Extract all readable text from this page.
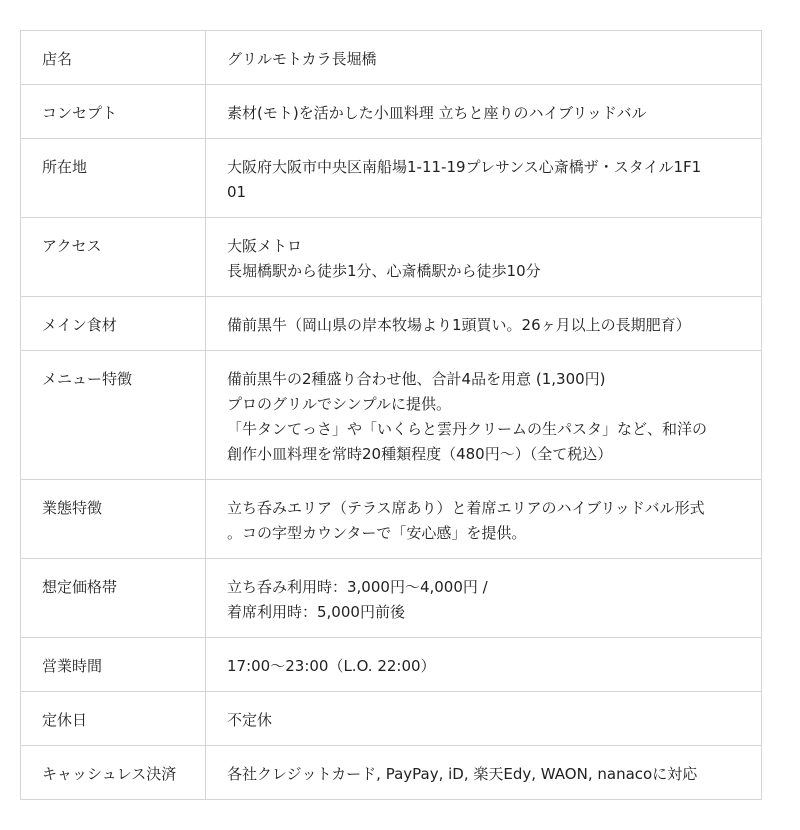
店名	グリルモトカラ長堀橋

コンセプト	素材(モト)を活かした小皿料理 立ちと座りのハイブリッドバル

所在地	大阪府大阪市中央区南船場1-11-19プレサンス心斎橋ザ・スタイル1F1
01

アクセス	大阪メトロ
長堀橋駅から徒歩1分、心斎橋駅から徒歩10分

メイン食材	備前黒牛（岡山県の岸本牧場より1頭買い。26ヶ月以上の長期肥育）

メニュー特徴	備前黒牛の2種盛り合わせ他、合計4品を用意 (1,300円)
プロのグリルでシンプルに提供。
「牛タンてっさ」や「いくらと雲丹クリームの生パスタ」など、和洋の
創作小皿料理を常時20種類程度（480円〜）（全て税込）

業態特徴	立ち呑みエリア（テラス席あり）と着席エリアのハイブリッドバル形式
。コの字型カウンターで「安心感」を提供。

想定価格帯	立ち呑み利用時：3,000円〜4,000円 /
着席利用時：5,000円前後

営業時間	17:00〜23:00（L.O. 22:00）

定休日	不定休

キャッシュレス決済	各社クレジットカード, PayPay, iD, 楽天Edy, WAON, nanacoに対応
